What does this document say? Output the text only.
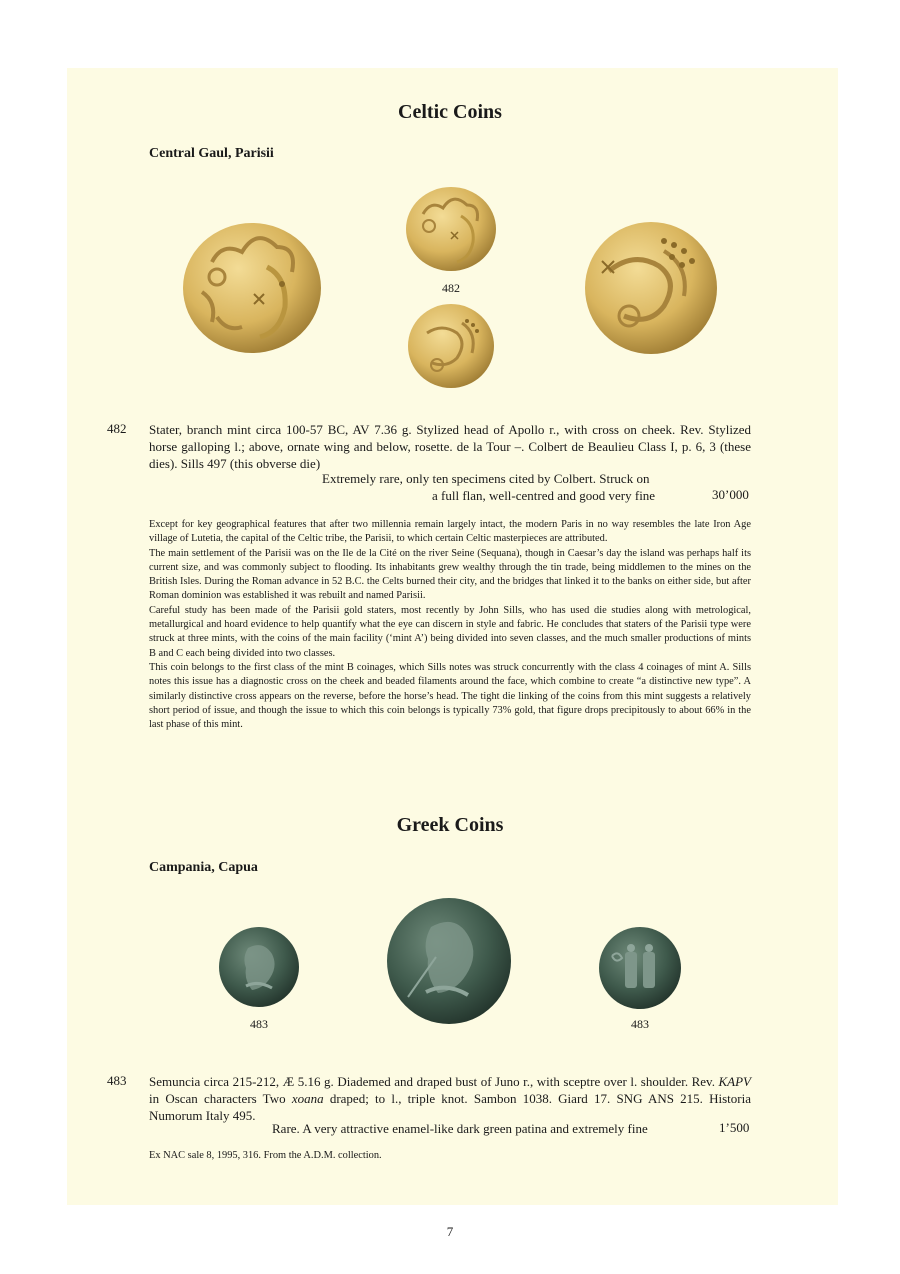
Celtic Coins
Central Gaul, Parisii
482
482 Stater, branch mint circa 100-57 BC, AV 7.36 g. Stylized head of Apollo r., with cross on cheek. Rev. Stylized horse galloping l.; above, ornate wing and below, rosette. de la Tour –. Colbert de Beaulieu Class I, p. 6, 3 (these dies). Sills 497 (this obverse die)
Extremely rare, only ten specimens cited by Colbert. Struck on
a full flan, well-centred and good very fine	30’000

Except for key geographical features that after two millennia remain largely intact, the modern Paris in no way resembles the late Iron Age village of Lutetia, the capital of the Celtic tribe, the Parisii, to which certain Celtic masterpieces are attributed.

The main settlement of the Parisii was on the Ile de la Cité on the river Seine (Sequana), though in Caesar’s day the island was perhaps half its current size, and was commonly subject to flooding. Its inhabitants grew wealthy through the tin trade, being middlemen to the mines on the British Isles. During the Roman advance in 52 B.C. the Celts burned their city, and the bridges that linked it to the banks on either side, but after Roman dominion was established it was rebuilt and named Parisii.

Careful study has been made of the Parisii gold staters, most recently by John Sills, who has used die studies along with metrological, metallurgical and hoard evidence to help quantify what the eye can discern in style and fabric. He concludes that staters of the Parisii type were struck at three mints, with the coins of the main facility (‘mint A’) being divided into seven classes, and the much smaller productions of mints B and C each being divided into two classes.

This coin belongs to the first class of the mint B coinages, which Sills notes was struck concurrently with the class 4 coinages of mint A. Sills notes this issue has a diagnostic cross on the cheek and beaded filaments around the face, which combine to create “a distinctive new type”. A similarly distinctive cross appears on the reverse, before the horse’s head. The tight die linking of the coins from this mint suggests a relatively short period of issue, and though the issue to which this coin belongs is typically 73% gold, that figure drops precipitously to about 66% in the last phase of this mint.

Greek Coins
Campania, Capua
483	483
483 Semuncia circa 215-212, Æ 5.16 g. Diademed and draped bust of Juno r., with sceptre over l. shoulder. Rev. KAPV in Oscan characters Two xoana draped; to l., triple knot. Sambon 1038. Giard 17. SNG ANS 215. Historia Numorum Italy 495.
Rare. A very attractive enamel-like dark green patina and extremely fine	1’500
Ex NAC sale 8, 1995, 316. From the A.D.M. collection.
7
